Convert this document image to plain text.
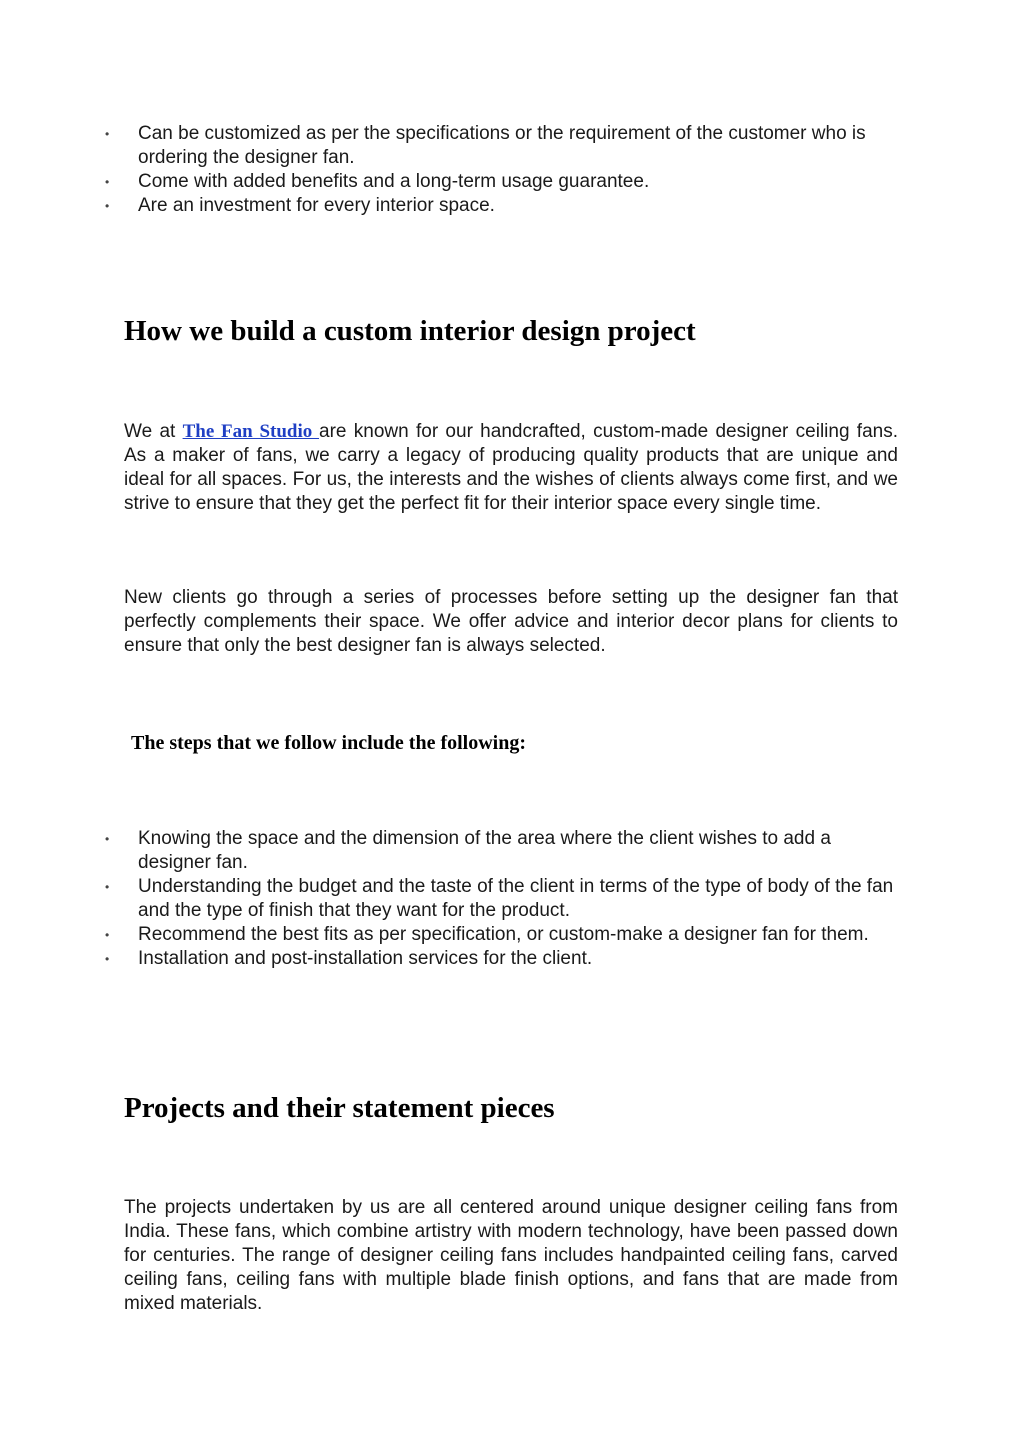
•	Can be customized as per the specifications or the requirement of the customer who is ordering the designer fan.
•	Come with added benefits and a long-term usage guarantee.
•	Are an investment for every interior space.
How we build a custom interior design project

We at The Fan Studio are known for our handcrafted, custom-made designer ceiling fans. As a maker of fans, we carry a legacy of producing quality products that are unique and ideal for all spaces. For us, the interests and the wishes of clients always come first, and we strive to ensure that they get the perfect fit for their interior space every single time.

New clients go through a series of processes before setting up the designer fan that perfectly complements their space. We offer advice and interior decor plans for clients to ensure that only the best designer fan is always selected.

The steps that we follow include the following:
•	Knowing the space and the dimension of the area where the client wishes to add a designer fan.
•	Understanding the budget and the taste of the client in terms of the type of body of the fan and the type of finish that they want for the product.
•	Recommend the best fits as per specification, or custom-make a designer fan for them.
•	Installation and post-installation services for the client.
Projects and their statement pieces

The projects undertaken by us are all centered around unique designer ceiling fans from India. These fans, which combine artistry with modern technology, have been passed down for centuries. The range of designer ceiling fans includes handpainted ceiling fans, carved ceiling fans, ceiling fans with multiple blade finish options, and fans that are made from mixed materials.
